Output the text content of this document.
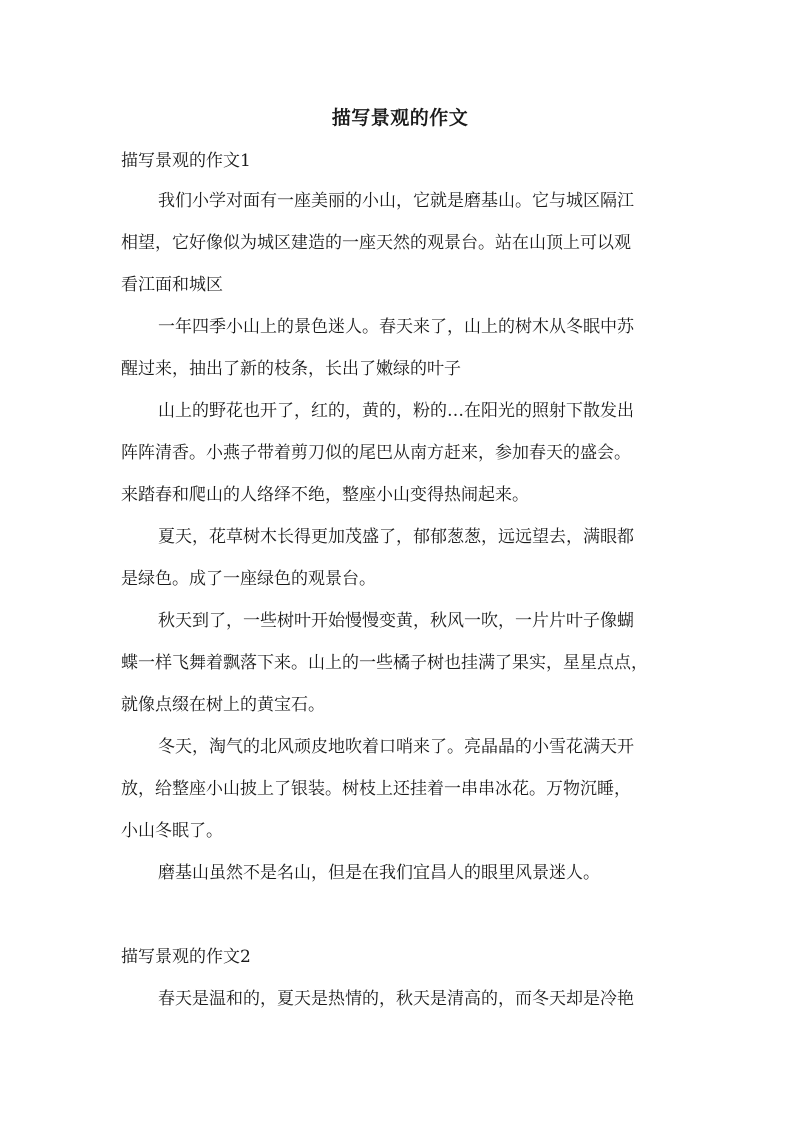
描写景观的作文
描写景观的作文1

我们小学对面有一座美丽的小山，它就是磨基山。它与城区隔江
相望，它好像似为城区建造的一座天然的观景台。站在山顶上可以观
看江面和城区

一年四季小山上的景色迷人。春天来了，山上的树木从冬眠中苏
醒过来，抽出了新的枝条，长出了嫩绿的叶子

山上的野花也开了，红的，黄的，粉的…在阳光的照射下散发出
阵阵清香。小燕子带着剪刀似的尾巴从南方赶来，参加春天的盛会。
来踏春和爬山的人络绎不绝，整座小山变得热闹起来。

夏天，花草树木长得更加茂盛了，郁郁葱葱，远远望去，满眼都
是绿色。成了一座绿色的观景台。

秋天到了，一些树叶开始慢慢变黄，秋风一吹，一片片叶子像蝴
蝶一样飞舞着飘落下来。山上的一些橘子树也挂满了果实，星星点点，
就像点缀在树上的黄宝石。

冬天，淘气的北风顽皮地吹着口哨来了。亮晶晶的小雪花满天开
放，给整座小山披上了银装。树枝上还挂着一串串冰花。万物沉睡，
小山冬眠了。

磨基山虽然不是名山，但是在我们宜昌人的眼里风景迷人。

描写景观的作文2

春天是温和的，夏天是热情的，秋天是清高的，而冬天却是冷艳
